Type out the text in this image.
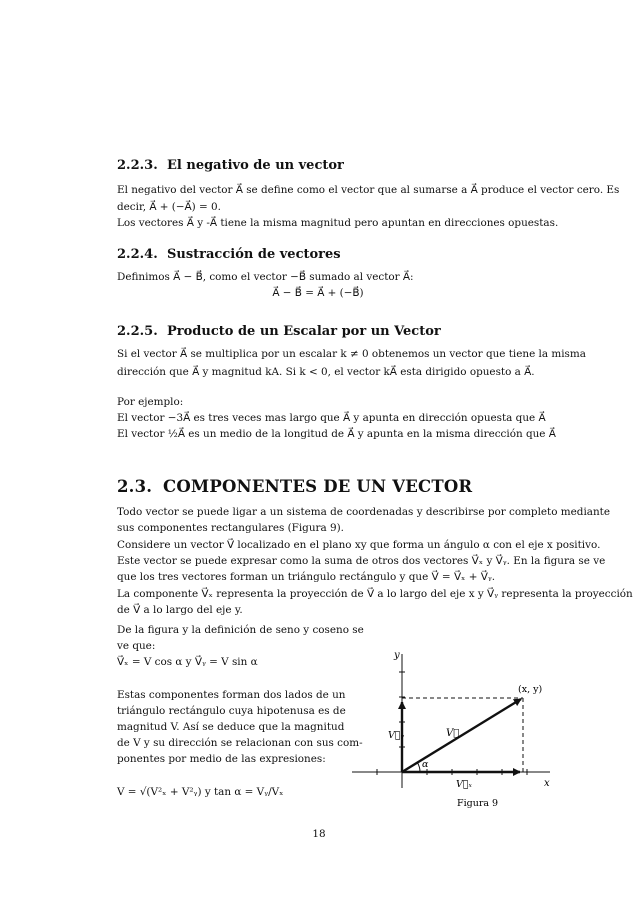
2.2.3. El negativo de un vector
El negativo del vector A⃗ se define como el vector que al sumarse a A⃗ produce el vector cero. Es
decir, A⃗ + (−A⃗) = 0.
Los vectores A⃗ y -A⃗ tiene la misma magnitud pero apuntan en direcciones opuestas.
2.2.4. Sustracción de vectores
Definimos A⃗ − B⃗, como el vector −B⃗ sumado al vector A⃗:
A⃗ − B⃗ = A⃗ + (−B⃗)
2.2.5. Producto de un Escalar por un Vector
Si el vector A⃗ se multiplica por un escalar k ≠ 0 obtenemos un vector que tiene la misma
dirección que A⃗ y magnitud kA. Si k < 0, el vector kA⃗ esta dirigido opuesto a A⃗.
Por ejemplo:
El vector −3A⃗ es tres veces mas largo que A⃗ y apunta en dirección opuesta que A⃗
El vector ½A⃗ es un medio de la longitud de A⃗ y apunta en la misma dirección que A⃗
2.3. COMPONENTES DE UN VECTOR
Todo vector se puede ligar a un sistema de coordenadas y describirse por completo mediante
sus componentes rectangulares (Figura 9).
Considere un vector V⃗ localizado en el plano xy que forma un ángulo α con el eje x positivo.
Este vector se puede expresar como la suma de otros dos vectores V⃗ₓ y V⃗ᵧ. En la figura se ve
que los tres vectores forman un triángulo rectángulo y que V⃗ = V⃗ₓ + V⃗ᵧ.
La componente V⃗ₓ representa la proyección de V⃗ a lo largo del eje x y V⃗ᵧ representa la proyección
de V⃗ a lo largo del eje y.
De la figura y la definición de seno y coseno se
ve que:
V⃗ₓ = V cos α y V⃗ᵧ = V sin α
Estas componentes forman dos lados de un
triángulo rectángulo cuya hipotenusa es de
magnitud V. Así se deduce que la magnitud
de V y su dirección se relacionan con sus com-
ponentes por medio de las expresiones:
V = √(V²ₓ + V²ᵧ) y tan α = Vᵧ/Vₓ
y
x
(x, y)
V⃗
V⃗ᵧ
V⃗ₓ
α
Figura 9
18
